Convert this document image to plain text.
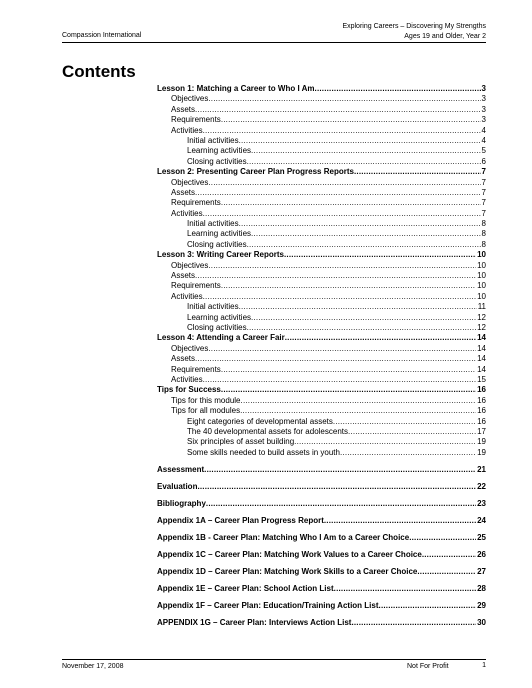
Compassion International
Exploring Careers – Discovering My Strengths
Ages 19 and Older, Year 2
Contents
Lesson 1: Matching a Career to Who I Am .....	3
Objectives .....	3
Assets .....	3
Requirements .....	3
Activities .....	4
Initial activities .....	4
Learning activities .....	5
Closing activities .....	6
Lesson 2: Presenting Career Plan Progress Reports .....	7
Objectives .....	7
Assets .....	7
Requirements .....	7
Activities .....	7
Initial activities .....	8
Learning activities .....	8
Closing activities .....	8
Lesson 3: Writing Career Reports .....	10
Objectives .....	10
Assets .....	10
Requirements .....	10
Activities .....	10
Initial activities .....	11
Learning activities .....	12
Closing activities .....	12
Lesson 4: Attending a Career Fair .....	14
Objectives .....	14
Assets .....	14
Requirements .....	14
Activities .....	15
Tips for Success .....	16
Tips for this module .....	16
Tips for all modules .....	16
Eight categories of developmental assets .....	16
The 40 developmental assets for adolescents .....	17
Six principles of asset building .....	19
Some skills needed to build assets in youth .....	19
Assessment .....	21
Evaluation .....	22
Bibliography .....	23
Appendix 1A – Career Plan Progress Report .....	24
Appendix 1B - Career Plan: Matching Who I Am to a Career Choice .....	25
Appendix 1C – Career Plan: Matching Work Values to a Career Choice .....	26
Appendix 1D – Career Plan: Matching Work Skills to a Career Choice .....	27
Appendix 1E – Career Plan: School Action List .....	28
Appendix 1F – Career Plan: Education/Training Action List .....	29
APPENDIX 1G – Career Plan: Interviews Action List .....	30
November 17, 2008	Not For Profit	1
